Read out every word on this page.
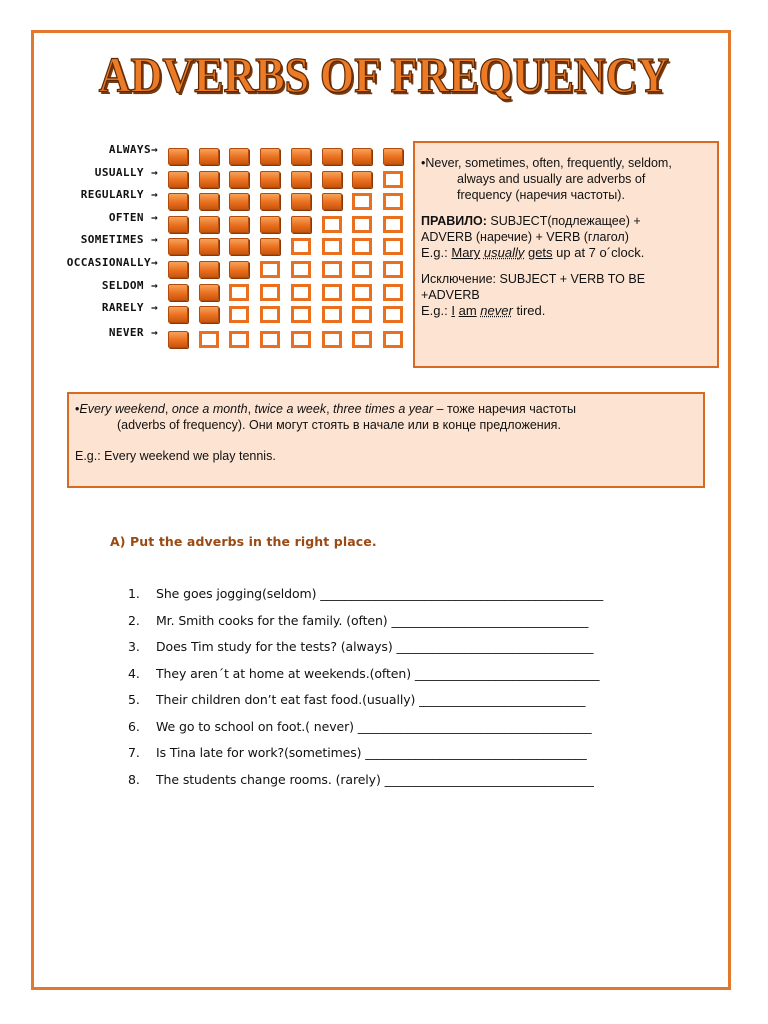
ADVERBS OF FREQUENCY
ALWAYS→
USUALLY →
REGULARLY →
OFTEN →
SOMETIMES →
OCCASIONALLY→
SELDOM →
RARELY →
NEVER →
•Never, sometimes, often, frequently, seldom,
always and usually are adverbs of
frequency (наречия частоты).
ПРАВИЛО: SUBJECT(подлежащее) +
ADVERB (наречие) + VERB (глагол)
E.g.: Mary usually gets up at 7 o´clock.
Исключение: SUBJECT + VERB TO BE
+ADVERB
E.g.: I am never tired.
•Every weekend, once a month, twice a week, three times a year – тоже наречия частоты
(adverbs of frequency). Они могут стоять в начале или в конце предложения.
E.g.: Every weekend we play tennis.
A) Put the adverbs in the right place.
1. She goes jogging(seldom) ______________________________________________
2. Mr. Smith cooks for the family. (often) ________________________________
3. Does Tim study for the tests? (always) ________________________________
4. They aren´t at home at weekends.(often) ______________________________
5. Their children don’t eat fast food.(usually) ___________________________
6. We go to school on foot.( never) ______________________________________
7. Is Tina late for work?(sometimes) ____________________________________
8. The students change rooms. (rarely) __________________________________
